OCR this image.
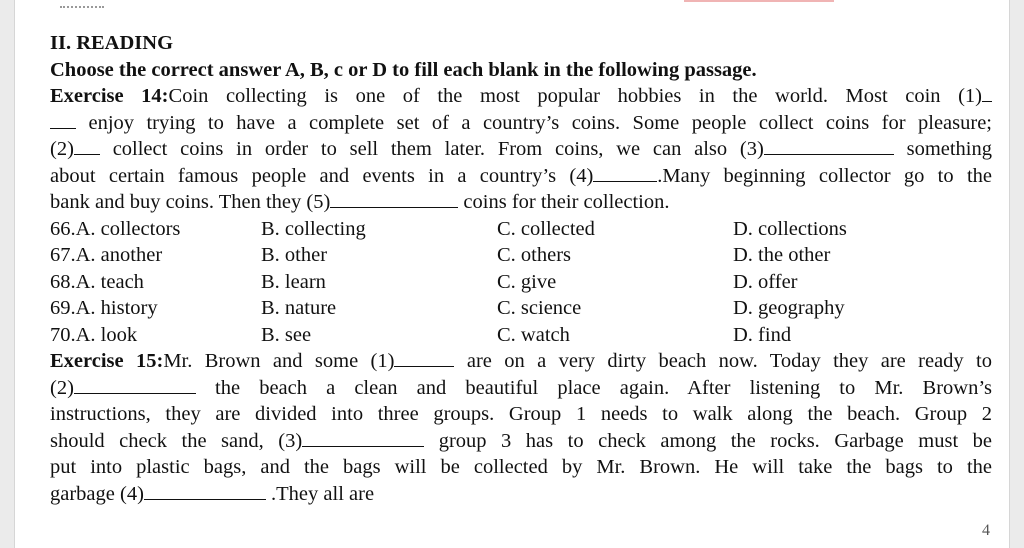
II. READING
Choose the correct answer A, B, c or D to fill each blank in the following passage.
Exercise 14:Coin collecting is one of the most popular hobbies in the world. Most coin (1)
enjoy trying to have a complete set of a country’s coins. Some people collect coins for pleasure;
(2) collect coins in order to sell them later. From coins, we can also (3)	something
about certain famous people and events in a country’s (4)	.Many beginning collector go to the
bank and buy coins. Then they (5)	coins for their collection.
66.A. collectors	B. collecting	C. collected	D. collections
67.A. another	B. other	C. others	D. the other
68.A. teach	B. learn	C. give	D. offer
69.A. history	B. nature	C. science	D. geography
70.A. look	B. see	C. watch	D. find
Exercise 15:Mr. Brown and some (1)	are on a very dirty beach now. Today they are ready to
(2)	the beach a clean and beautiful place again. After listening to Mr. Brown’s
instructions, they are divided into three groups. Group 1 needs to walk along the beach. Group 2
should check the sand, (3)	group 3 has to check among the rocks. Garbage must be
put into plastic bags, and the bags will be collected by Mr. Brown. He will take the bags to the
garbage (4)	.They all are
4
